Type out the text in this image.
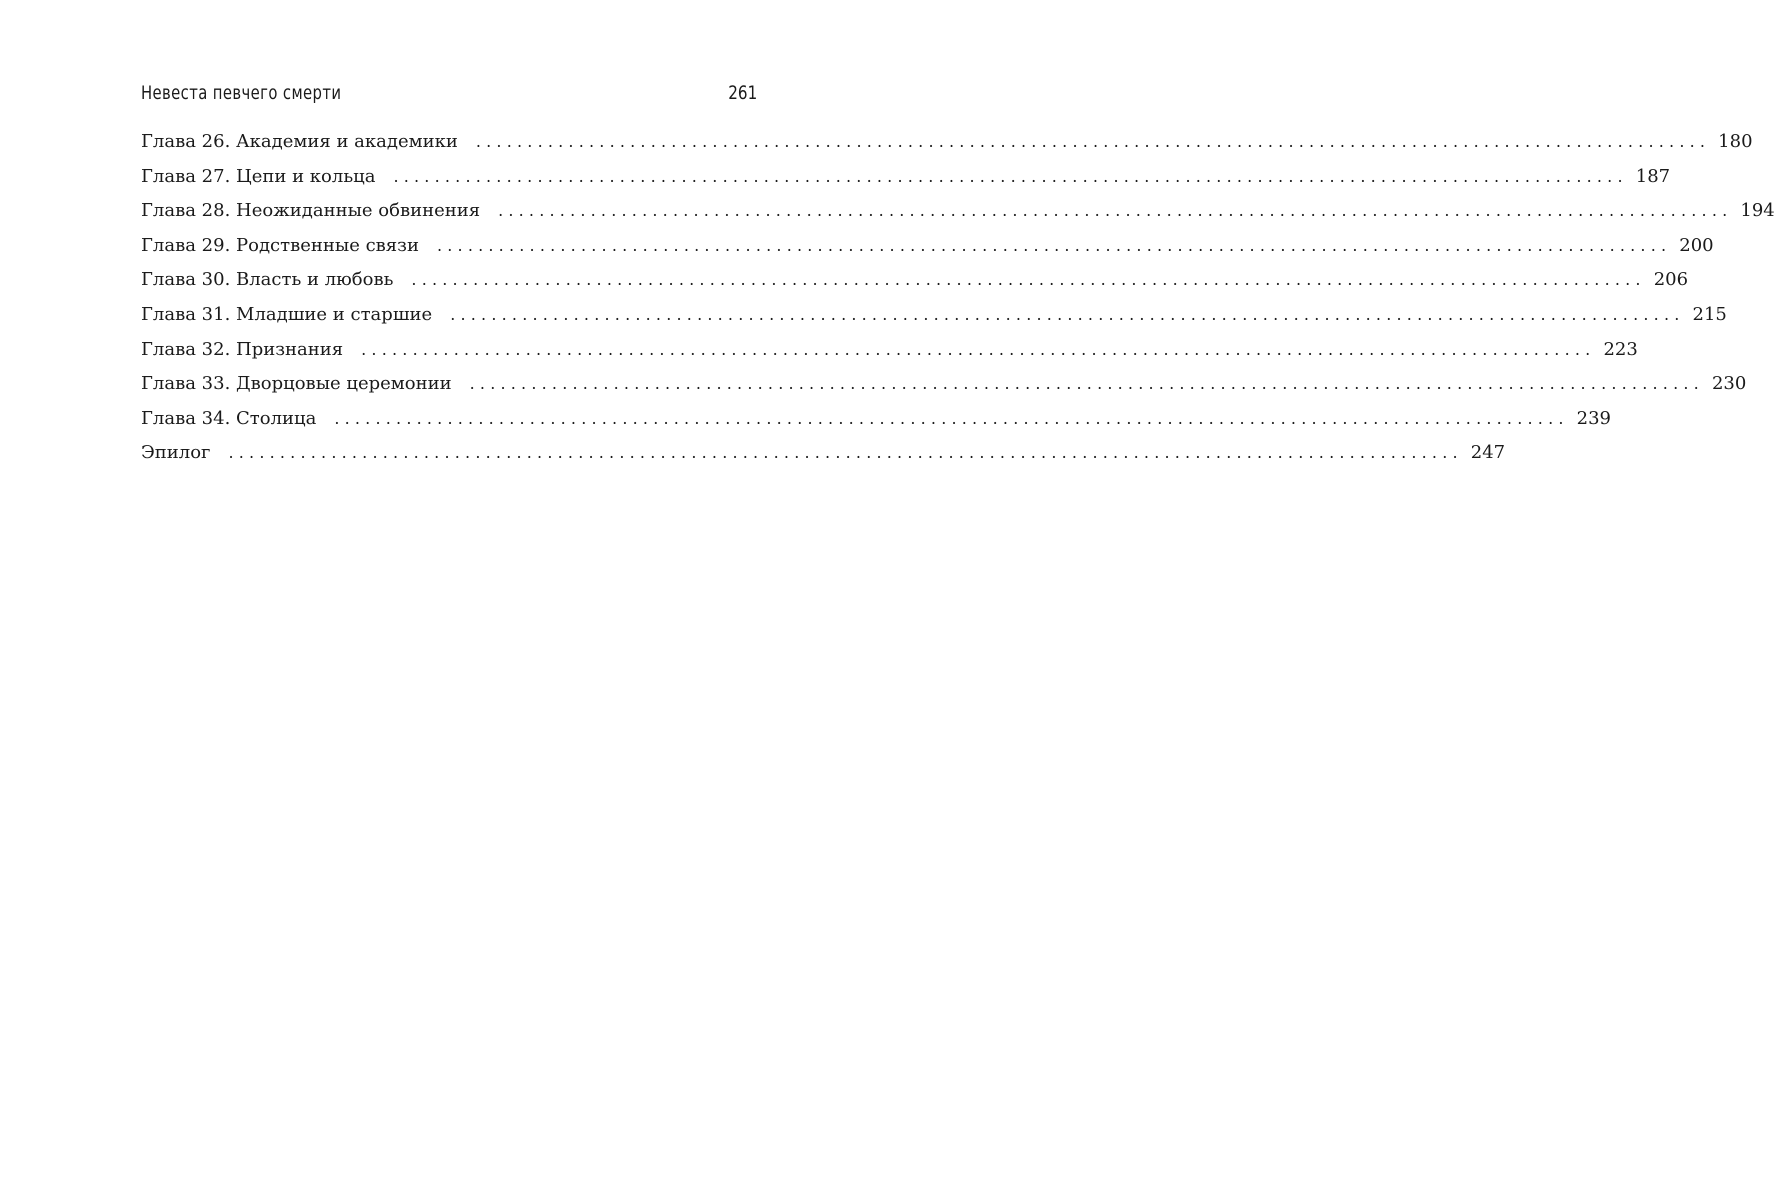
Невеста певчего смерти	261
Глава 26. Академия и академики	........................................................................................................................ 180
Глава 27. Цепи и кольца	........................................................................................................................ 187
Глава 28. Неожиданные обвинения	........................................................................................................................ 194
Глава 29. Родственные связи	........................................................................................................................ 200
Глава 30. Власть и любовь	........................................................................................................................ 206
Глава 31. Младшие и старшие	........................................................................................................................ 215
Глава 32. Признания	........................................................................................................................ 223
Глава 33. Дворцовые церемонии	........................................................................................................................ 230
Глава 34. Столица	........................................................................................................................ 239
Эпилог	........................................................................................................................ 247
